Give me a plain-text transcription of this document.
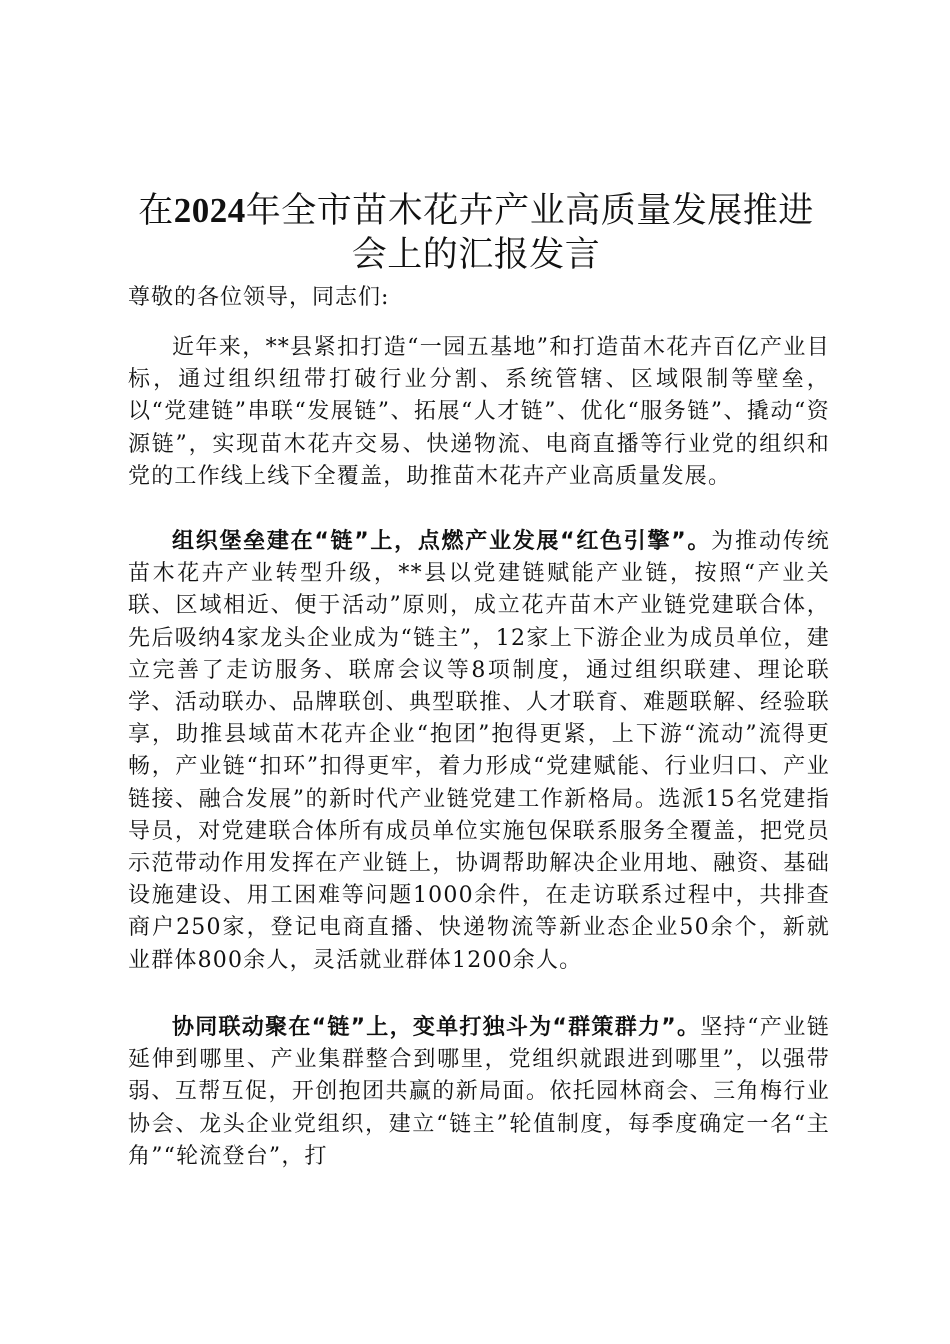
在2024年全市苗木花卉产业高质量发展推进
会上的汇报发言
尊敬的各位领导，同志们:

近年来，**县紧扣打造“一园五基地”和打造苗木花卉百亿产业目标，通过组织纽带打破行业分割、系统管辖、区域限制等壁垒，以“党建链”串联“发展链”、拓展“人才链”、优化“服务链”、撬动“资源链”，实现苗木花卉交易、快递物流、电商直播等行业党的组织和党的工作线上线下全覆盖，助推苗木花卉产业高质量发展。

组织堡垒建在“链”上，点燃产业发展“红色引擎”。为推动传统苗木花卉产业转型升级，**县以党建链赋能产业链，按照“产业关联、区域相近、便于活动”原则，成立花卉苗木产业链党建联合体，先后吸纳4家龙头企业成为“链主”，12家上下游企业为成员单位，建立完善了走访服务、联席会议等8项制度，通过组织联建、理论联学、活动联办、品牌联创、典型联推、人才联育、难题联解、经验联享，助推县域苗木花卉企业“抱团”抱得更紧，上下游“流动”流得更畅，产业链“扣环”扣得更牢，着力形成“党建赋能、行业归口、产业链接、融合发展”的新时代产业链党建工作新格局。选派15名党建指导员，对党建联合体所有成员单位实施包保联系服务全覆盖，把党员示范带动作用发挥在产业链上，协调帮助解决企业用地、融资、基础设施建设、用工困难等问题1000余件，在走访联系过程中，共排查商户250家，登记电商直播、快递物流等新业态企业50余个，新就业群体800余人，灵活就业群体1200余人。

协同联动聚在“链”上，变单打独斗为“群策群力”。坚持“产业链延伸到哪里、产业集群整合到哪里，党组织就跟进到哪里”，以强带弱、互帮互促，开创抱团共赢的新局面。依托园林商会、三角梅行业协会、龙头企业党组织，建立“链主”轮值制度，每季度确定一名“主角”“轮流登台”，打
